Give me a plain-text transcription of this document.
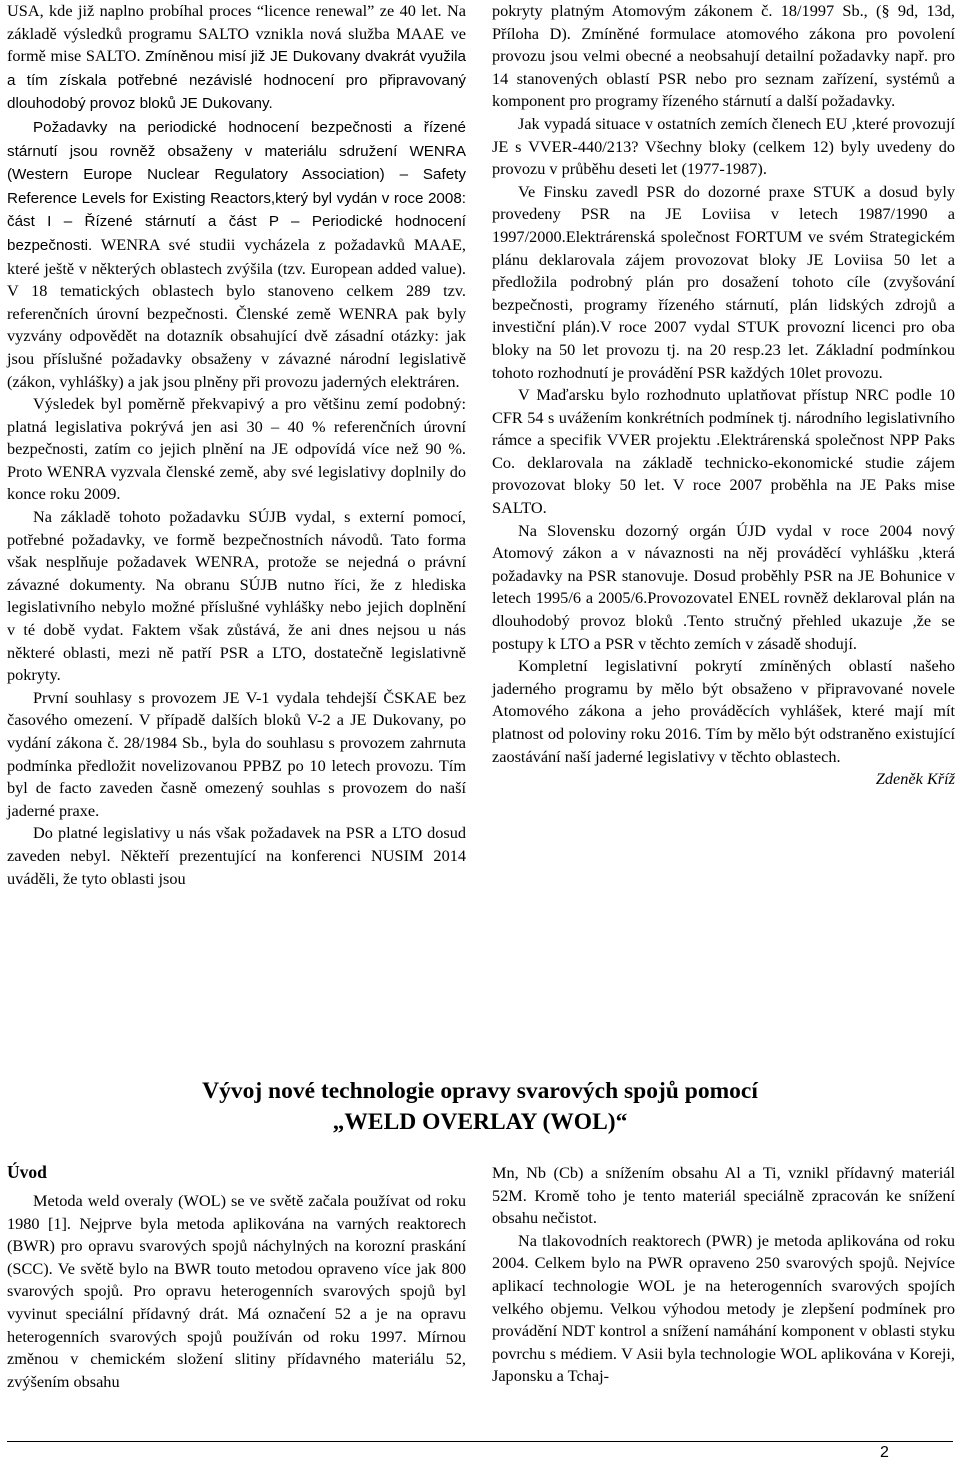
USA, kde již naplno probíhal proces “licence renewal” ze 40 let. Na základě výsledků programu SALTO vznikla nová služba MAAE ve formě mise SALTO. Zmíněnou misí již JE Dukovany dvakrát využila a tím získala potřebné nezávislé hodnocení pro připravovaný dlouhodobý provoz bloků JE Dukovany.

Požadavky na periodické hodnocení bezpečnosti a řízené stárnutí jsou rovněž obsaženy v materiálu sdružení WENRA (Western Europe Nuclear Regulatory Association) – Safety Reference Levels for Existing Reactors,který byl vydán v roce 2008: část I – Řízené stárnutí a část P – Periodické hodnocení bezpečnosti. WENRA své studii vycházela z požadavků MAAE, které ještě v některých oblastech zvýšila (tzv. European added value). V 18 tematických oblastech bylo stanoveno celkem 289 tzv. referenčních úrovní bezpečnosti. Členské země WENRA pak byly vyzvány odpovědět na dotazník obsahující dvě zásadní otázky: jak jsou příslušné požadavky obsaženy v závazné národní legislativě (zákon, vyhlášky) a jak jsou plněny při provozu jaderných elektráren.

Výsledek byl poměrně překvapivý a pro většinu zemí podobný: platná legislativa pokrývá jen asi 30 – 40 % referenčních úrovní bezpečnosti, zatím co jejich plnění na JE odpovídá více než 90 %. Proto WENRA vyzvala členské země, aby své legislativy doplnily do konce roku 2009.

Na základě tohoto požadavku SÚJB vydal, s externí pomocí, potřebné požadavky, ve formě bezpečnostních návodů. Tato forma však nesplňuje požadavek WENRA, protože se nejedná o právní závazné dokumenty. Na obranu SÚJB nutno říci, že z hlediska legislativního nebylo možné příslušné vyhlášky nebo jejich doplnění v té době vydat. Faktem však zůstává, že ani dnes nejsou u nás některé oblasti, mezi ně patří PSR a LTO, dostatečně legislativně pokryty.

První souhlasy s provozem JE V-1 vydala tehdejší ČSKAE bez časového omezení. V případě dalších bloků V-2 a JE Dukovany, po vydání zákona č. 28/1984 Sb., byla do souhlasu s provozem zahrnuta podmínka předložit novelizovanou PPBZ po 10 letech provozu. Tím byl de facto zaveden časně omezený souhlas s provozem do naší jaderné praxe.

Do platné legislativy u nás však požadavek na PSR a LTO dosud zaveden nebyl. Někteří prezentující na konferenci NUSIM 2014 uváděli, že tyto oblasti jsou

pokryty platným Atomovým zákonem č. 18/1997 Sb., (§ 9d, 13d, Příloha D). Zmíněné formulace atomového zákona pro povolení provozu jsou velmi obecné a neobsahují detailní požadavky např. pro 14 stanovených oblastí PSR nebo pro seznam zařízení, systémů a komponent pro programy řízeného stárnutí a další požadavky.

Jak vypadá situace v ostatních zemích členech EU ,které provozují JE s VVER-440/213? Všechny bloky (celkem 12) byly uvedeny do provozu v průběhu deseti let (1977-1987).

Ve Finsku zavedl PSR do dozorné praxe STUK a dosud byly provedeny PSR na JE Loviisa v letech 1987/1990 a 1997/2000.Elektrárenská společnost FORTUM ve svém Strategickém plánu deklarovala zájem provozovat bloky JE Loviisa 50 let a předložila podrobný plán pro dosažení tohoto cíle (zvyšování bezpečnosti, programy řízeného stárnutí, plán lidských zdrojů a investiční plán).V roce 2007 vydal STUK provozní licenci pro oba bloky na 50 let provozu tj. na 20 resp.23 let. Základní podmínkou tohoto rozhodnutí je provádění PSR každých 10let provozu.

V Maďarsku bylo rozhodnuto uplatňovat přístup NRC podle 10 CFR 54 s uvážením konkrétních podmínek tj. národního legislativního rámce a specifik VVER projektu .Elektrárenská společnost NPP Paks Co. deklarovala na základě technicko-ekonomické studie zájem provozovat bloky 50 let. V roce 2007 proběhla na JE Paks mise SALTO.

Na Slovensku dozorný orgán ÚJD vydal v roce 2004 nový Atomový zákon a v návaznosti na něj prováděcí vyhlášku ,která požadavky na PSR stanovuje. Dosud proběhly PSR na JE Bohunice v letech 1995/6 a 2005/6.Provozovatel ENEL rovněž deklaroval plán na dlouhodobý provoz bloků .Tento stručný přehled ukazuje ,že se postupy k LTO a PSR v těchto zemích v zásadě shodují.

Kompletní legislativní pokrytí zmíněných oblastí našeho jaderného programu by mělo být obsaženo v připravované novele Atomového zákona a jeho prováděcích vyhlášek, které mají mít platnost od poloviny roku 2016. Tím by mělo být odstraněno existující zaostávání naší jaderné legislativy v těchto oblastech.

Zdeněk Kříž

Vývoj nové technologie opravy svarových spojů pomocí
„WELD OVERLAY (WOL)“
Úvod

Metoda weld overaly (WOL) se ve světě začala používat od roku 1980 [1]. Nejprve byla metoda aplikována na varných reaktorech (BWR) pro opravu svarových spojů náchylných na korozní praskání (SCC). Ve světě bylo na BWR touto metodou opraveno více jak 800 svarových spojů. Pro opravu heterogenních svarových spojů byl vyvinut speciální přídavný drát. Má označení 52 a je na opravu heterogenních svarových spojů používán od roku 1997. Mírnou změnou v chemickém složení slitiny přídavného materiálu 52, zvýšením obsahu

Mn, Nb (Cb) a snížením obsahu Al a Ti, vznikl přídavný materiál 52M. Kromě toho je tento materiál speciálně zpracován ke snížení obsahu nečistot.

Na tlakovodních reaktorech (PWR) je metoda aplikována od roku 2004. Celkem bylo na PWR opraveno 250 svarových spojů. Nejvíce aplikací technologie WOL je na heterogenních svarových spojích velkého objemu. Velkou výhodou metody je zlepšení podmínek pro provádění NDT kontrol a snížení namáhání komponent v oblasti styku povrchu s médiem. V Asii byla technologie WOL aplikována v Koreji, Japonsku a Tchaj-

2
